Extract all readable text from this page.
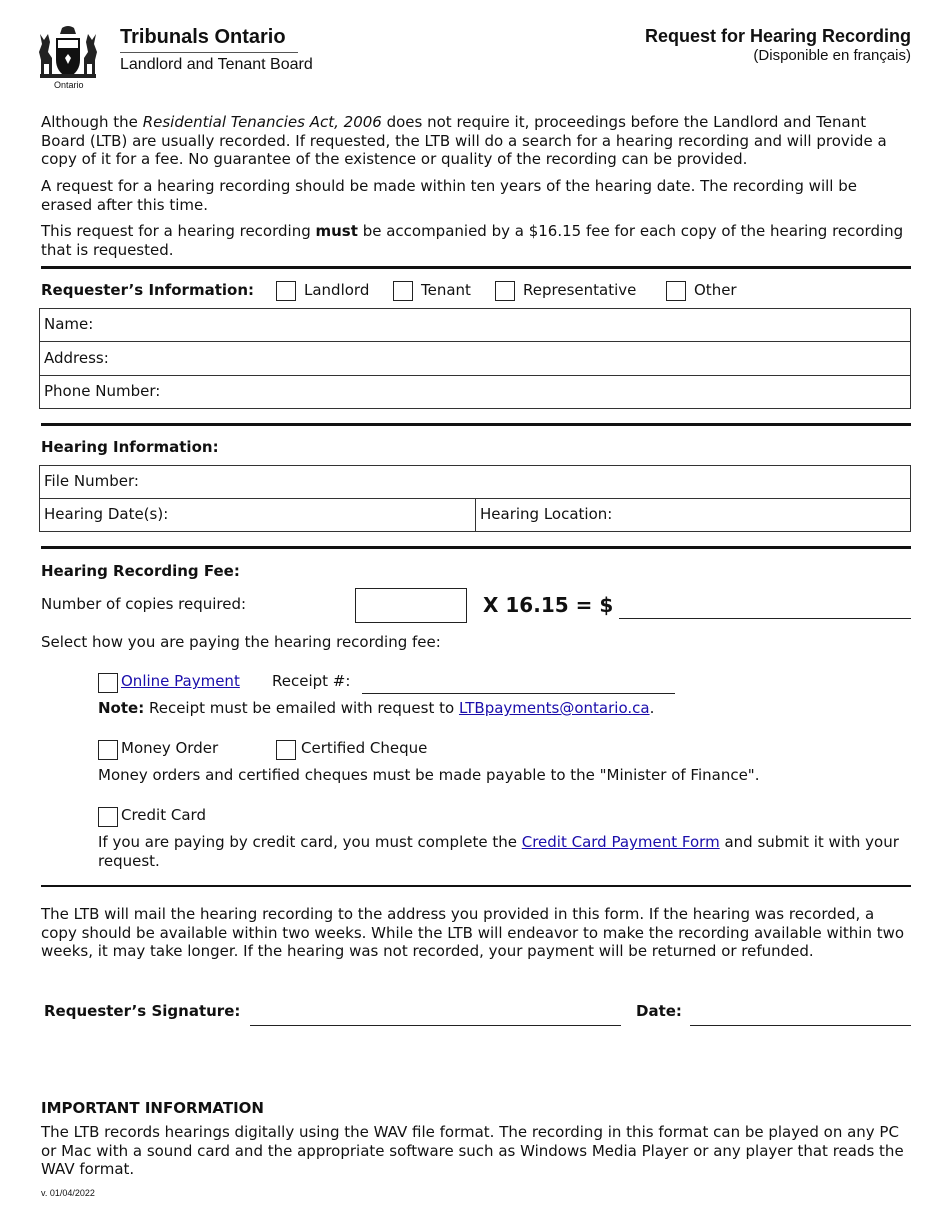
Ontario
Tribunals Ontario
Landlord and Tenant Board
Request for Hearing Recording
(Disponible en français)
Although the Residential Tenancies Act, 2006 does not require it, proceedings before the Landlord and Tenant Board (LTB) are usually recorded. If requested, the LTB will do a search for a hearing recording and will provide a copy of it for a fee. No guarantee of the existence or quality of the recording can be provided.
A request for a hearing recording should be made within ten years of the hearing date. The recording will be erased after this time.
This request for a hearing recording must be accompanied by a $16.15 fee for each copy of the hearing recording that is requested.
Requester’s Information:	Landlord	Tenant	Representative	Other
Name:
Address:
Phone Number:
Hearing Information:
File Number:
Hearing Date(s):	Hearing Location:
Hearing Recording Fee:
Number of copies required:	X 16.15 = $
Select how you are paying the hearing recording fee:
Online Payment Receipt #:
Note: Receipt must be emailed with request to LTBpayments@ontario.ca.
Money Order	Certified Cheque
Money orders and certified cheques must be made payable to the "Minister of Finance".
Credit Card
If you are paying by credit card, you must complete the Credit Card Payment Form and submit it with your request.
The LTB will mail the hearing recording to the address you provided in this form. If the hearing was recorded, a copy should be available within two weeks. While the LTB will endeavor to make the recording available within two weeks, it may take longer. If the hearing was not recorded, your payment will be returned or refunded.
Requester’s Signature:	Date:
IMPORTANT INFORMATION
The LTB records hearings digitally using the WAV file format. The recording in this format can be played on any PC or Mac with a sound card and the appropriate software such as Windows Media Player or any player that reads the WAV format.
v. 01/04/2022
